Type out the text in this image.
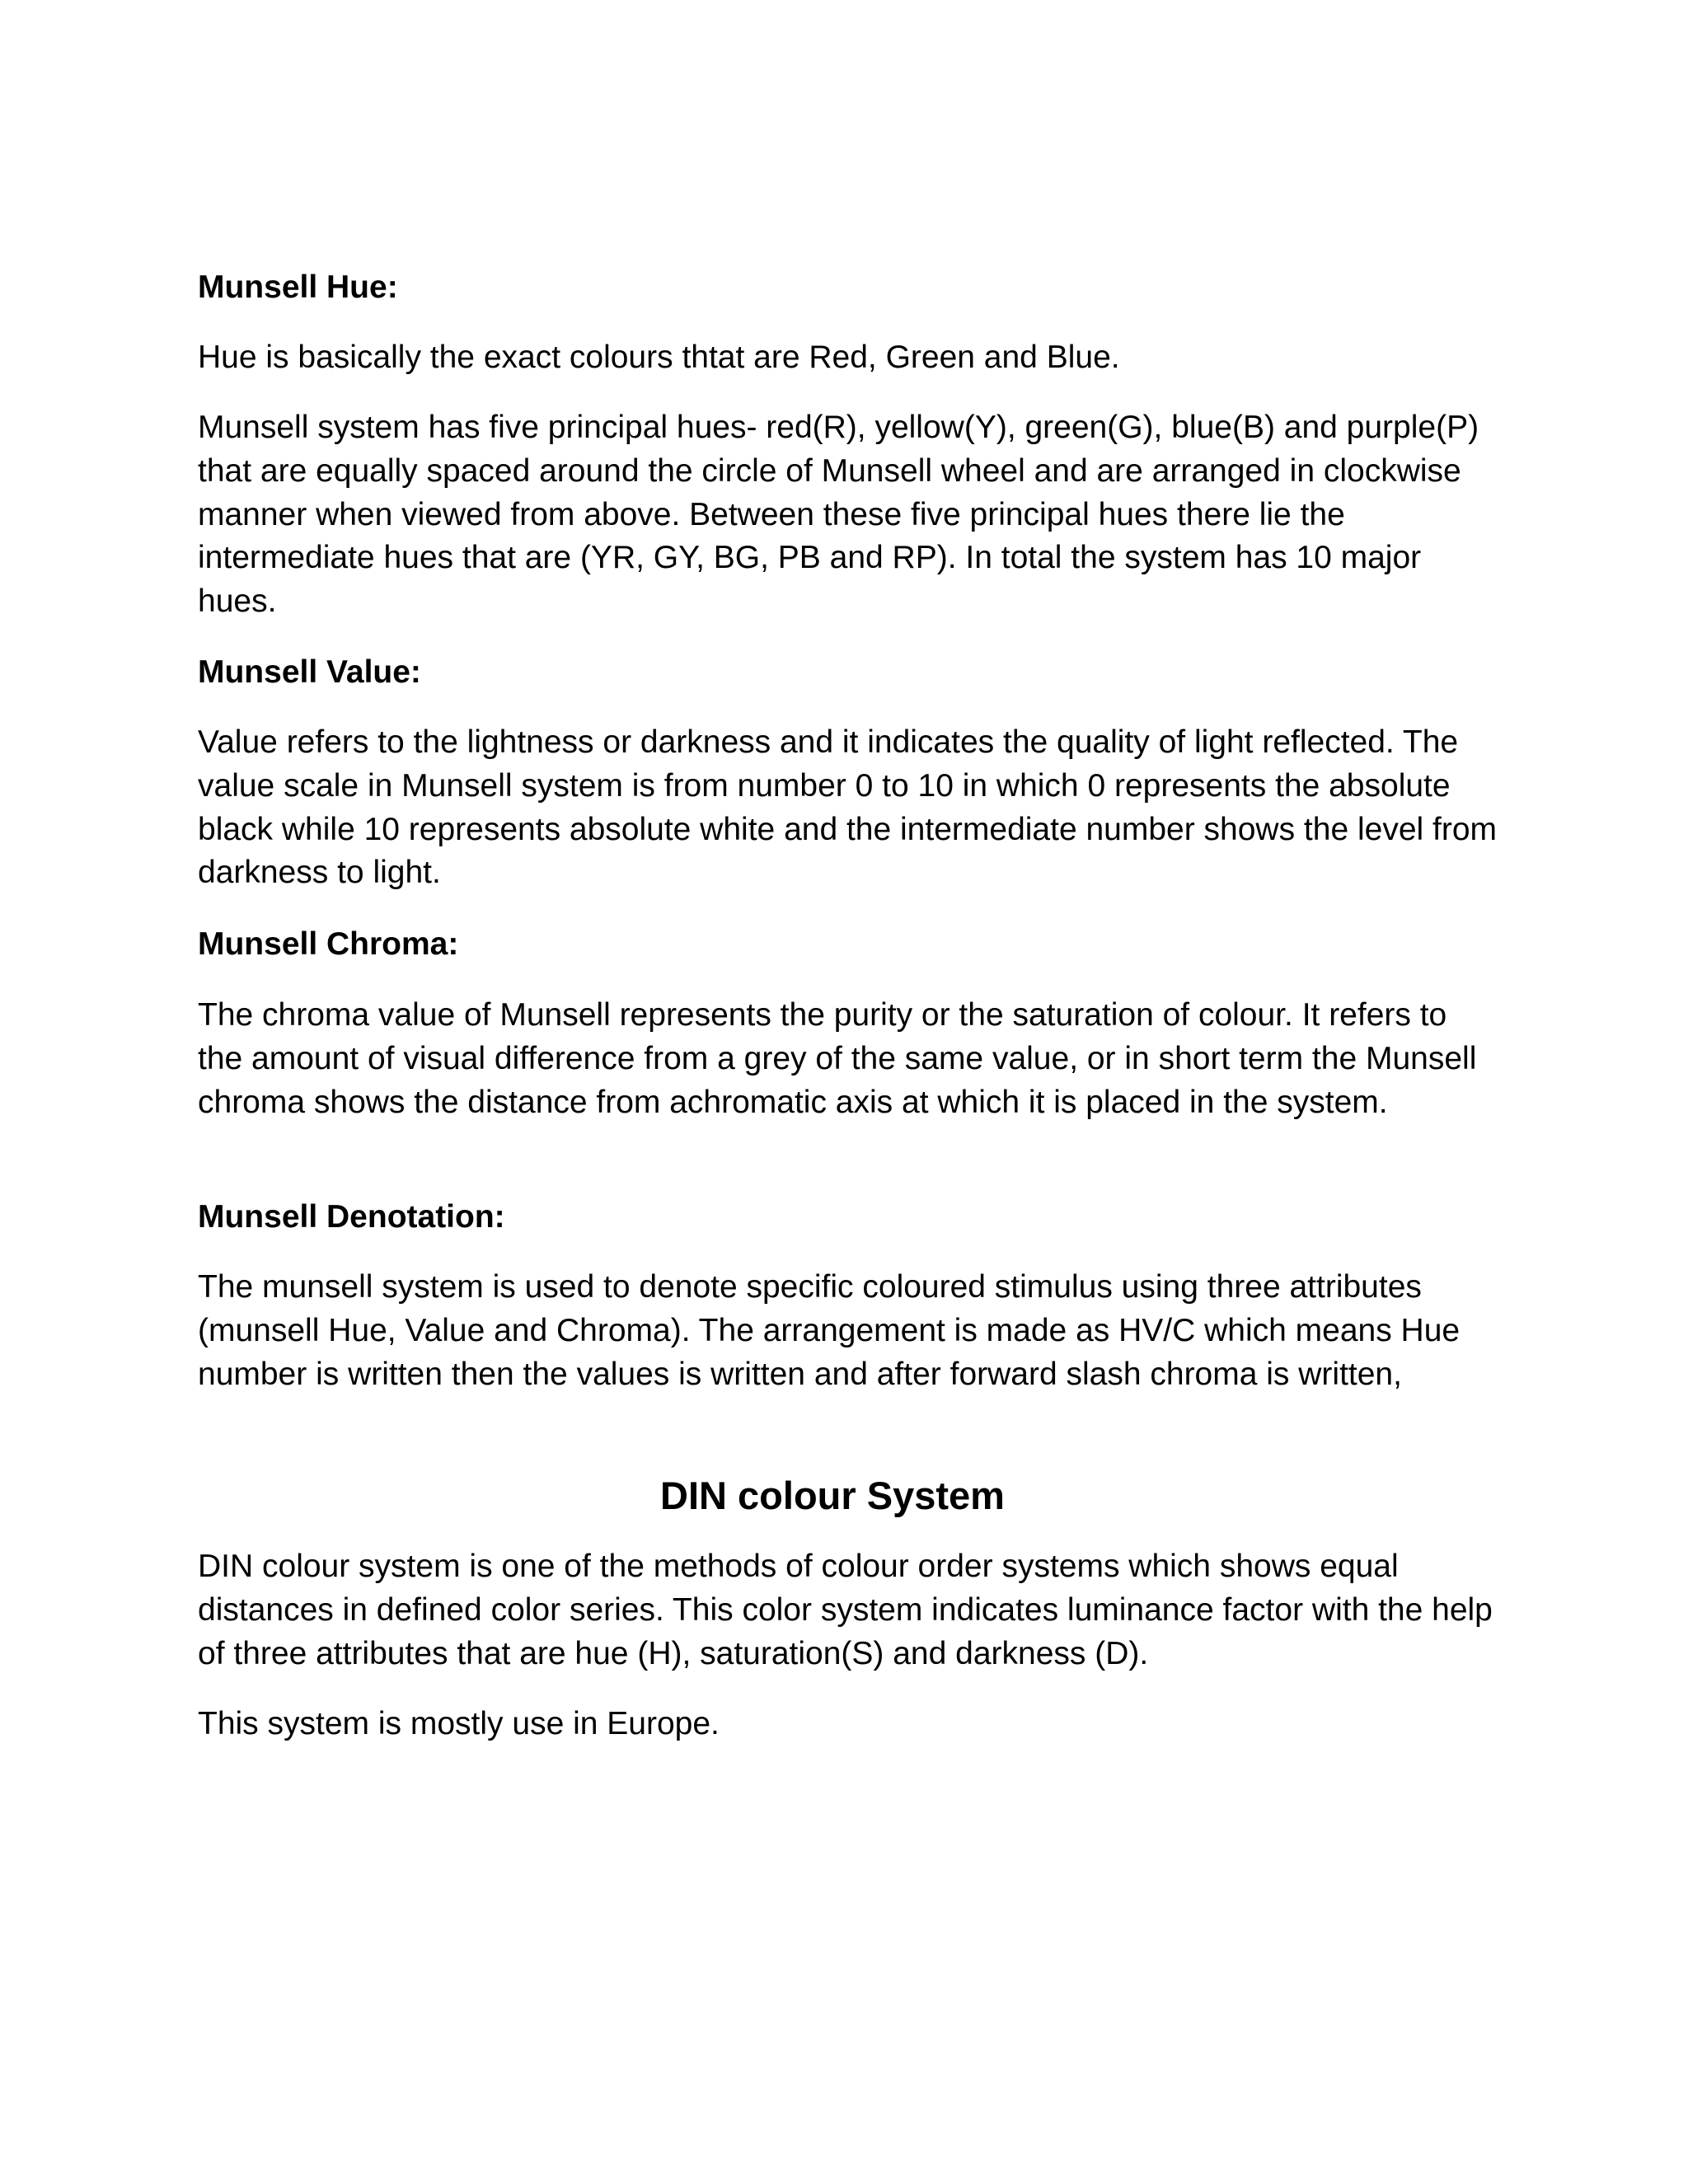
Munsell Hue:

Hue is basically the exact colours thtat are Red, Green and Blue.

Munsell system has five principal hues- red(R), yellow(Y), green(G), blue(B) and purple(P) that are equally spaced around the circle of Munsell wheel and are arranged in clockwise manner when viewed from above. Between these five principal hues there lie the intermediate hues that are (YR, GY, BG, PB and RP). In total the system has 10 major hues.

Munsell Value:

Value refers to the lightness or darkness and it indicates the quality of light reflected. The value scale in Munsell system is from number 0 to 10 in which 0 represents the absolute black while 10 represents absolute white and the intermediate number shows the level from darkness to light.

Munsell Chroma:

The chroma value of Munsell represents the purity or the saturation of colour. It refers to the amount of visual difference from a grey of the same value, or in short term the Munsell chroma shows the distance from achromatic axis at which it is placed in the system.

Munsell Denotation:

The munsell system is used to denote specific coloured stimulus using three attributes (munsell Hue, Value and Chroma). The arrangement is made as HV/C which means Hue number is written then the values is written and after forward slash chroma is written,

DIN colour System

DIN colour system is one of the methods of colour order systems which shows equal distances in defined color series. This color system indicates luminance factor with the help of three attributes that are hue (H), saturation(S) and darkness (D).

This system is mostly use in Europe.
